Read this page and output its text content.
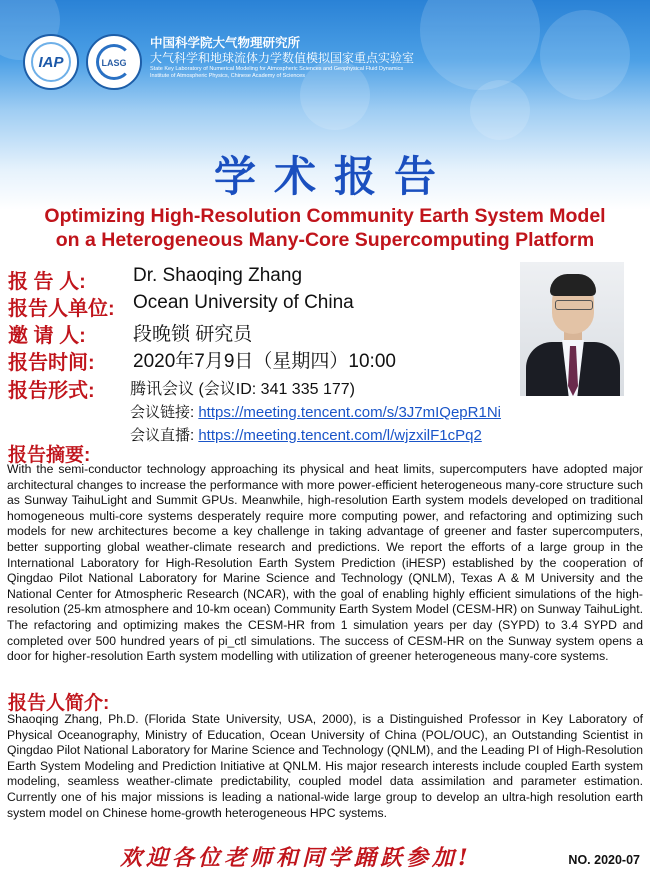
IAP	LASG
中国科学院大气物理研究所
大气科学和地球流体力学数值模拟国家重点实验室
State Key Laboratory of Numerical Modeling for Atmospheric Sciences and Geophysical Fluid Dynamics
Institute of Atmospheric Physics, Chinese Academy of Sciences
学术报告
Optimizing High-Resolution Community Earth System Model
on a Heterogeneous Many-Core Supercomputing Platform
报 告 人: Dr. Shaoqing Zhang
报告人单位: Ocean University of China
邀 请 人: 段晚锁 研究员
报告时间: 2020年7月9日（星期四）10:00
报告形式: 腾讯会议 (会议ID: 341 335 177)
会议链接: https://meeting.tencent.com/s/3J7mIQepR1Ni
会议直播: https://meeting.tencent.com/l/wjzxilF1cPq2
报告摘要:
With the semi-conductor technology approaching its physical and heat limits, supercomputers have adopted major architectural changes to increase the performance with more power-efficient heterogeneous many-core structure such as Sunway TaihuLight and Summit GPUs. Meanwhile, high-resolution Earth system models developed on traditional homogeneous multi-core systems desperately require more computing power, and refactoring and optimizing such models for new architectures become a key challenge in taking advantage of greener and faster supercomputers, better supporting global weather-climate research and predictions. We report the efforts of a large group in the International Laboratory for High-Resolution Earth System Prediction (iHESP) established by the cooperation of Qingdao Pilot National Laboratory for Marine Science and Technology (QNLM), Texas A & M University and the National Center for Atmospheric Research (NCAR), with the goal of enabling highly efficient simulations of the high-resolution (25-km atmosphere and 10-km ocean) Community Earth System Model (CESM-HR) on Sunway TaihuLight. The refactoring and optimizing makes the CESM-HR from 1 simulation years per day (SYPD) to 3.4 SYPD and completed over 500 hundred years of pi_ctl simulations. The success of CESM-HR on the Sunway system opens a door for higher-resolution Earth system modelling with utilization of greener heterogeneous many-core systems.
报告人简介:
Shaoqing Zhang, Ph.D. (Florida State University, USA, 2000), is a Distinguished Professor in Key Laboratory of Physical Oceanography, Ministry of Education, Ocean University of China (POL/OUC), an Outstanding Scientist in Qingdao Pilot National Laboratory for Marine Science and Technology (QNLM), and the Leading PI of High-Resolution Earth System Modeling and Prediction Initiative at QNLM. His major research interests include coupled Earth system modeling, seamless weather-climate predictability, coupled model data assimilation and parameter estimation. Currently one of his major missions is leading a national-wide large group to develop an ultra-high resolution earth system model on Chinese home-growth heterogeneous HPC systems.
欢迎各位老师和同学踊跃参加!	NO. 2020-07
